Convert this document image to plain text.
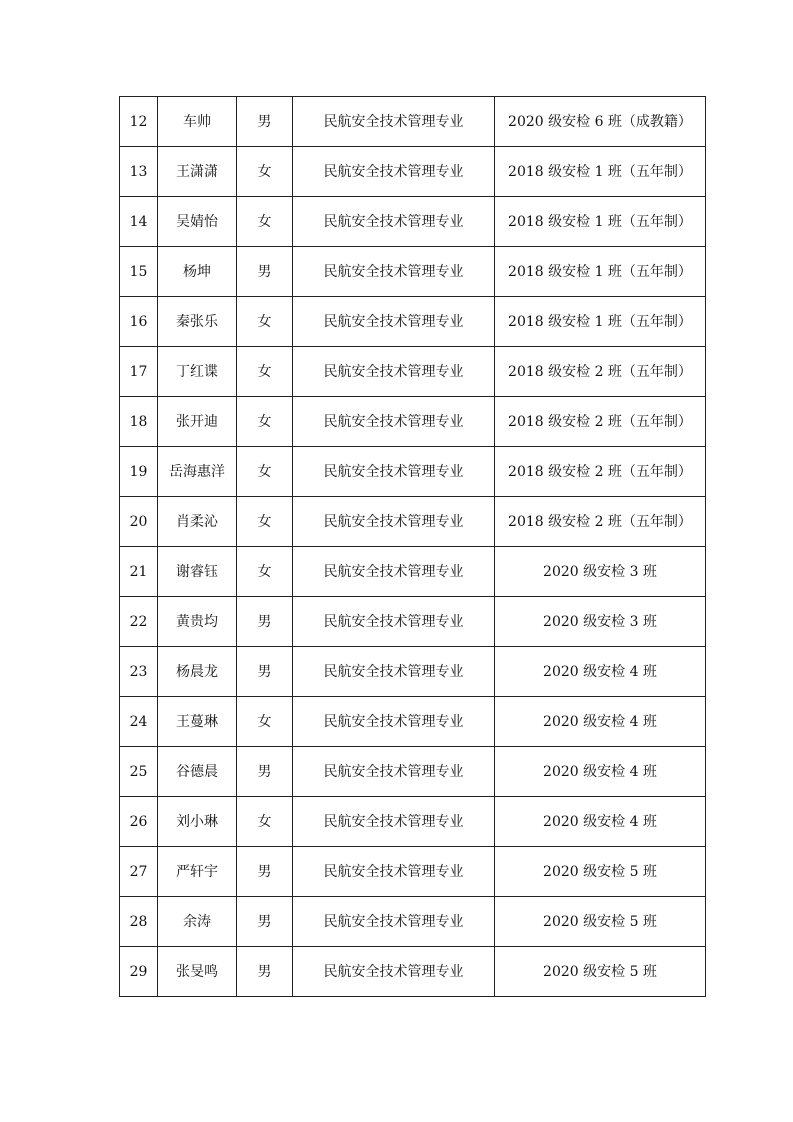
12	车帅	男	民航安全技术管理专业	2020 级安检 6 班（成教籍）
13	王潇潇	女	民航安全技术管理专业	2018 级安检 1 班（五年制）
14	吴婧怡	女	民航安全技术管理专业	2018 级安检 1 班（五年制）
15	杨坤	男	民航安全技术管理专业	2018 级安检 1 班（五年制）
16	秦张乐	女	民航安全技术管理专业	2018 级安检 1 班（五年制）
17	丁红谍	女	民航安全技术管理专业	2018 级安检 2 班（五年制）
18	张开迪	女	民航安全技术管理专业	2018 级安检 2 班（五年制）
19	岳海惠洋	女	民航安全技术管理专业	2018 级安检 2 班（五年制）
20	肖柔沁	女	民航安全技术管理专业	2018 级安检 2 班（五年制）
21	谢睿钰	女	民航安全技术管理专业	2020 级安检 3 班
22	黄贵均	男	民航安全技术管理专业	2020 级安检 3 班
23	杨晨龙	男	民航安全技术管理专业	2020 级安检 4 班
24	王蔓琳	女	民航安全技术管理专业	2020 级安检 4 班
25	谷德晨	男	民航安全技术管理专业	2020 级安检 4 班
26	刘小琳	女	民航安全技术管理专业	2020 级安检 4 班
27	严轩宇	男	民航安全技术管理专业	2020 级安检 5 班
28	余涛	男	民航安全技术管理专业	2020 级安检 5 班
29	张旻鸣	男	民航安全技术管理专业	2020 级安检 5 班
